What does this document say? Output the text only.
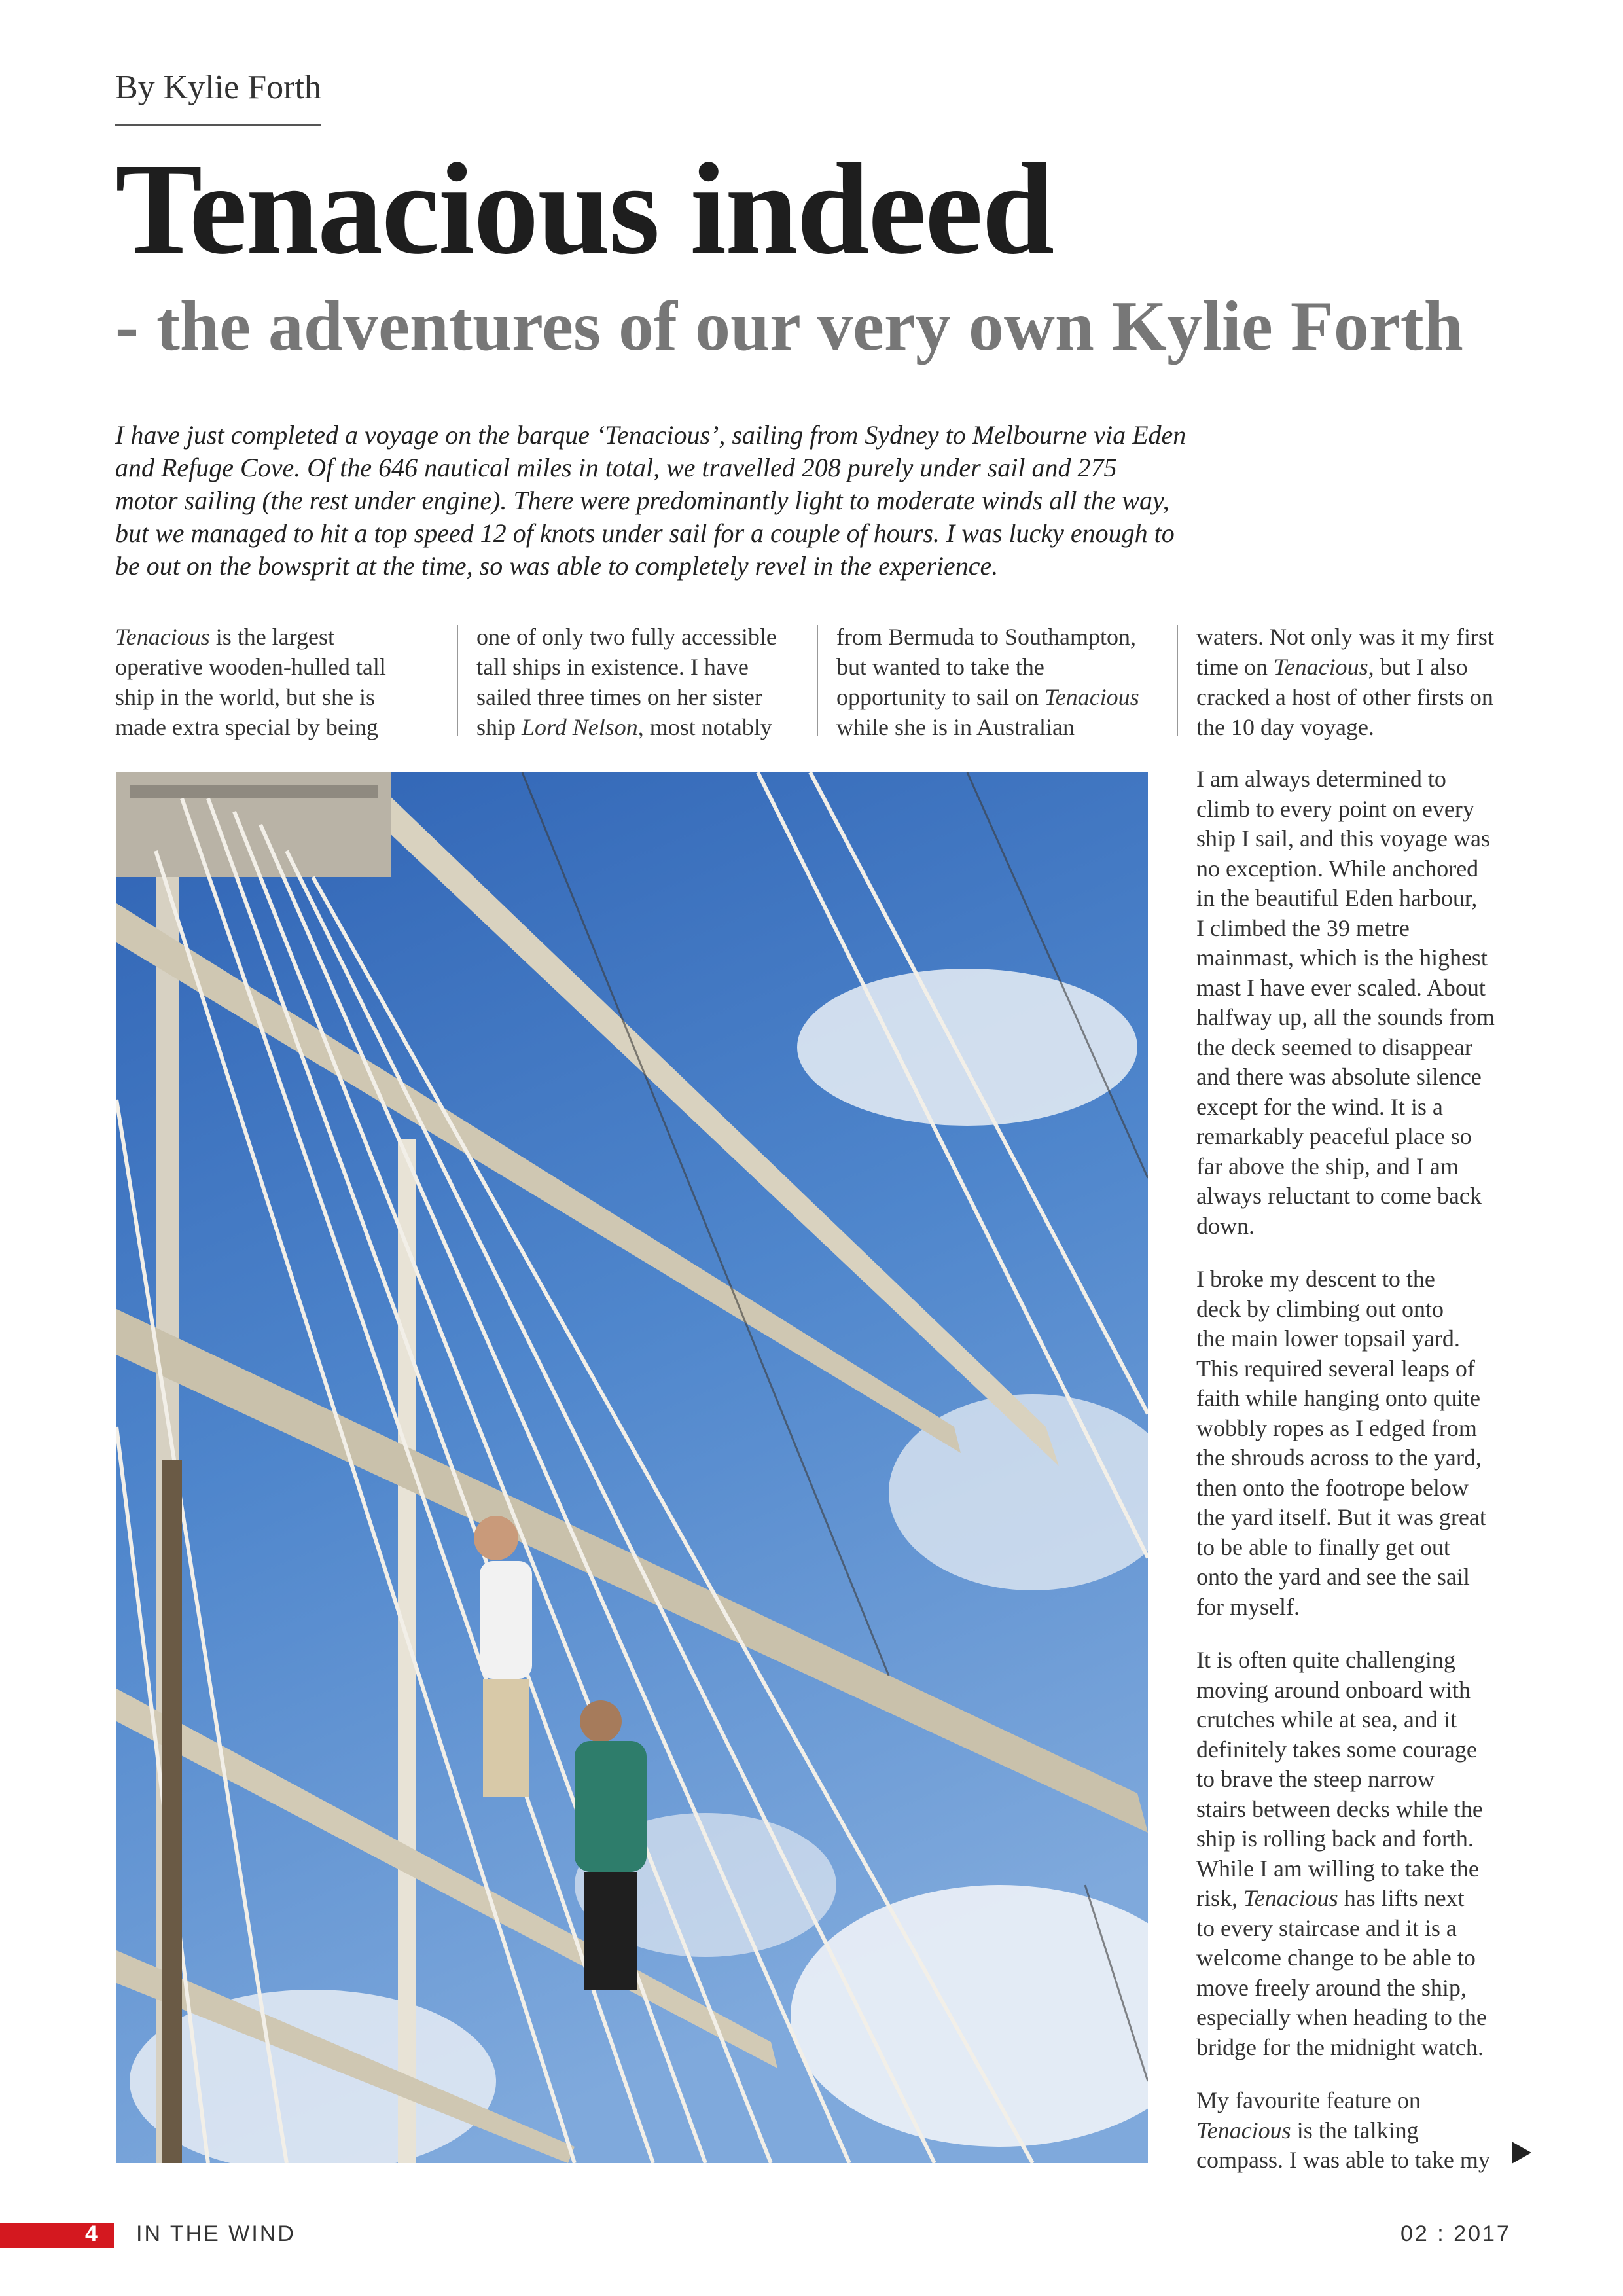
By Kylie Forth
Tenacious indeed
- the adventures of our very own Kylie Forth

I have just completed a voyage on the barque ‘Tenacious’, sailing from Sydney to Melbourne via Eden

and Refuge Cove. Of the 646 nautical miles in total, we travelled 208 purely under sail and 275

motor sailing (the rest under engine). There were predominantly light to moderate winds all the way,

but we managed to hit a top speed 12 of knots under sail for a couple of hours. I was lucky enough to

be out on the bowsprit at the time, so was able to completely revel in the experience.

Tenacious is the largest

operative wooden-hulled tall

ship in the world, but she is

made extra special by being

one of only two fully accessible

tall ships in existence. I have

sailed three times on her sister

ship Lord Nelson, most notably

from Bermuda to Southampton,

but wanted to take the

opportunity to sail on Tenacious

while she is in Australian

waters. Not only was it my first

time on Tenacious, but I also

cracked a host of other firsts on

the 10 day voyage.

I am always determined to

climb to every point on every

ship I sail, and this voyage was

no exception. While anchored

in the beautiful Eden harbour,

I climbed the 39 metre

mainmast, which is the highest

mast I have ever scaled. About

halfway up, all the sounds from

the deck seemed to disappear

and there was absolute silence

except for the wind. It is a

remarkably peaceful place so

far above the ship, and I am

always reluctant to come back

down.

I broke my descent to the

deck by climbing out onto

the main lower topsail yard.

This required several leaps of

faith while hanging onto quite

wobbly ropes as I edged from

the shrouds across to the yard,

then onto the footrope below

the yard itself. But it was great

to be able to finally get out

onto the yard and see the sail

for myself.

It is often quite challenging

moving around onboard with

crutches while at sea, and it

definitely takes some courage

to brave the steep narrow

stairs between decks while the

ship is rolling back and forth.

While I am willing to take the

risk, Tenacious has lifts next

to every staircase and it is a

welcome change to be able to

move freely around the ship,

especially when heading to the

bridge for the midnight watch.

My favourite feature on

Tenacious is the talking

compass. I was able to take my

4 IN THE WIND	02 : 2017
